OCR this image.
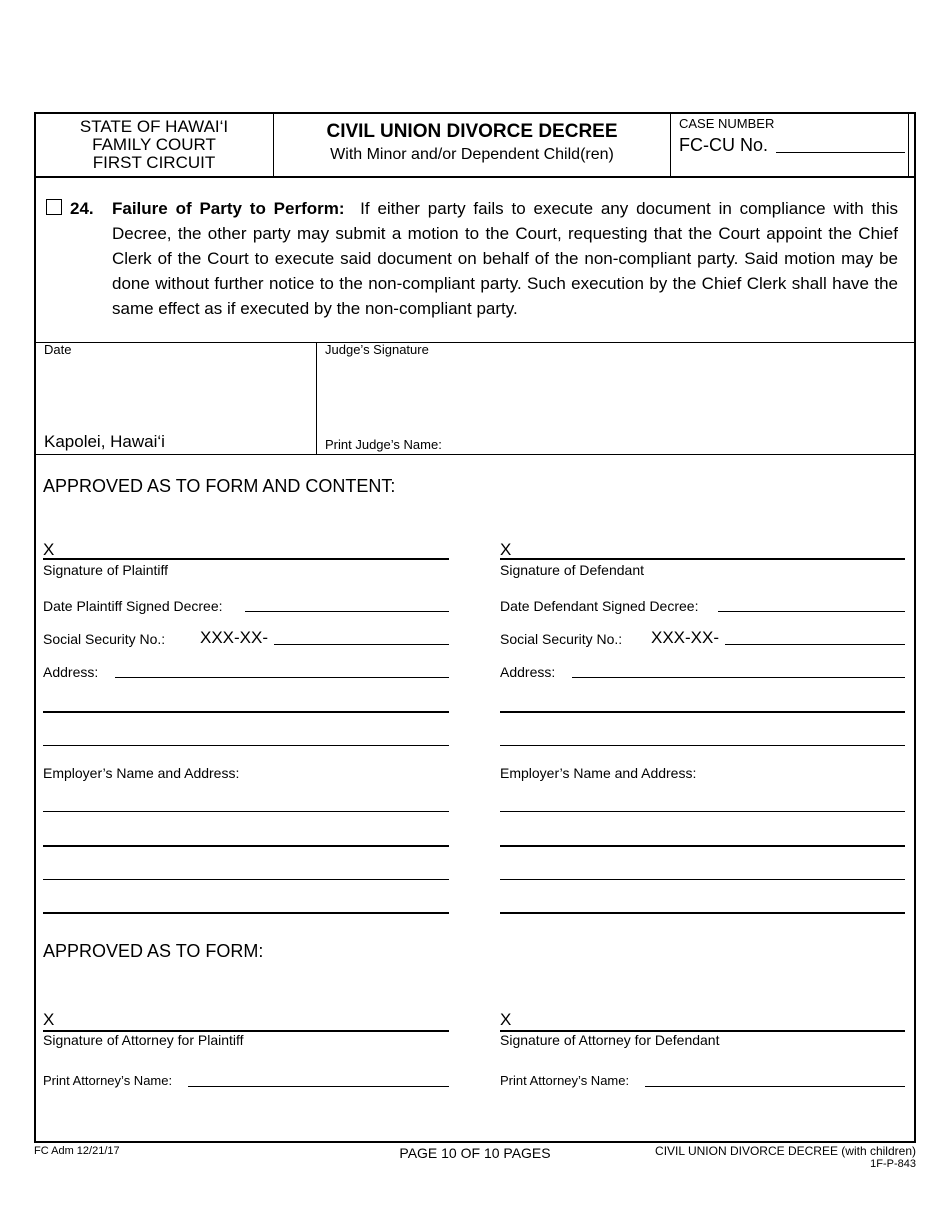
STATE OF HAWAI‘I
FAMILY COURT
FIRST CIRCUIT
CIVIL UNION DIVORCE DECREE
With Minor and/or Dependent Child(ren)
CASE NUMBER
FC-CU No.
24. Failure of Party to Perform: If either party fails to execute any document in compliance with this Decree, the other party may submit a motion to the Court, requesting that the Court appoint the Chief Clerk of the Court to execute said document on behalf of the non-compliant party. Said motion may be done without further notice to the non-compliant party. Such execution by the Chief Clerk shall have the same effect as if executed by the non-compliant party.
Date
Kapolei, Hawai‘i
Judge’s Signature
Print Judge’s Name:
APPROVED AS TO FORM AND CONTENT:
X
Signature of Plaintiff
Date Plaintiff Signed Decree:
Social Security No.: XXX-XX-
Address:
Employer’s Name and Address:
X
Signature of Defendant
Date Defendant Signed Decree:
Social Security No.: XXX-XX-
Address:
Employer’s Name and Address:
APPROVED AS TO FORM:
X
Signature of Attorney for Plaintiff
Print Attorney’s Name:
X
Signature of Attorney for Defendant
Print Attorney’s Name:
FC Adm 12/21/17	PAGE 10 OF 10 PAGES	CIVIL UNION DIVORCE DECREE (with children)
1F-P-843
